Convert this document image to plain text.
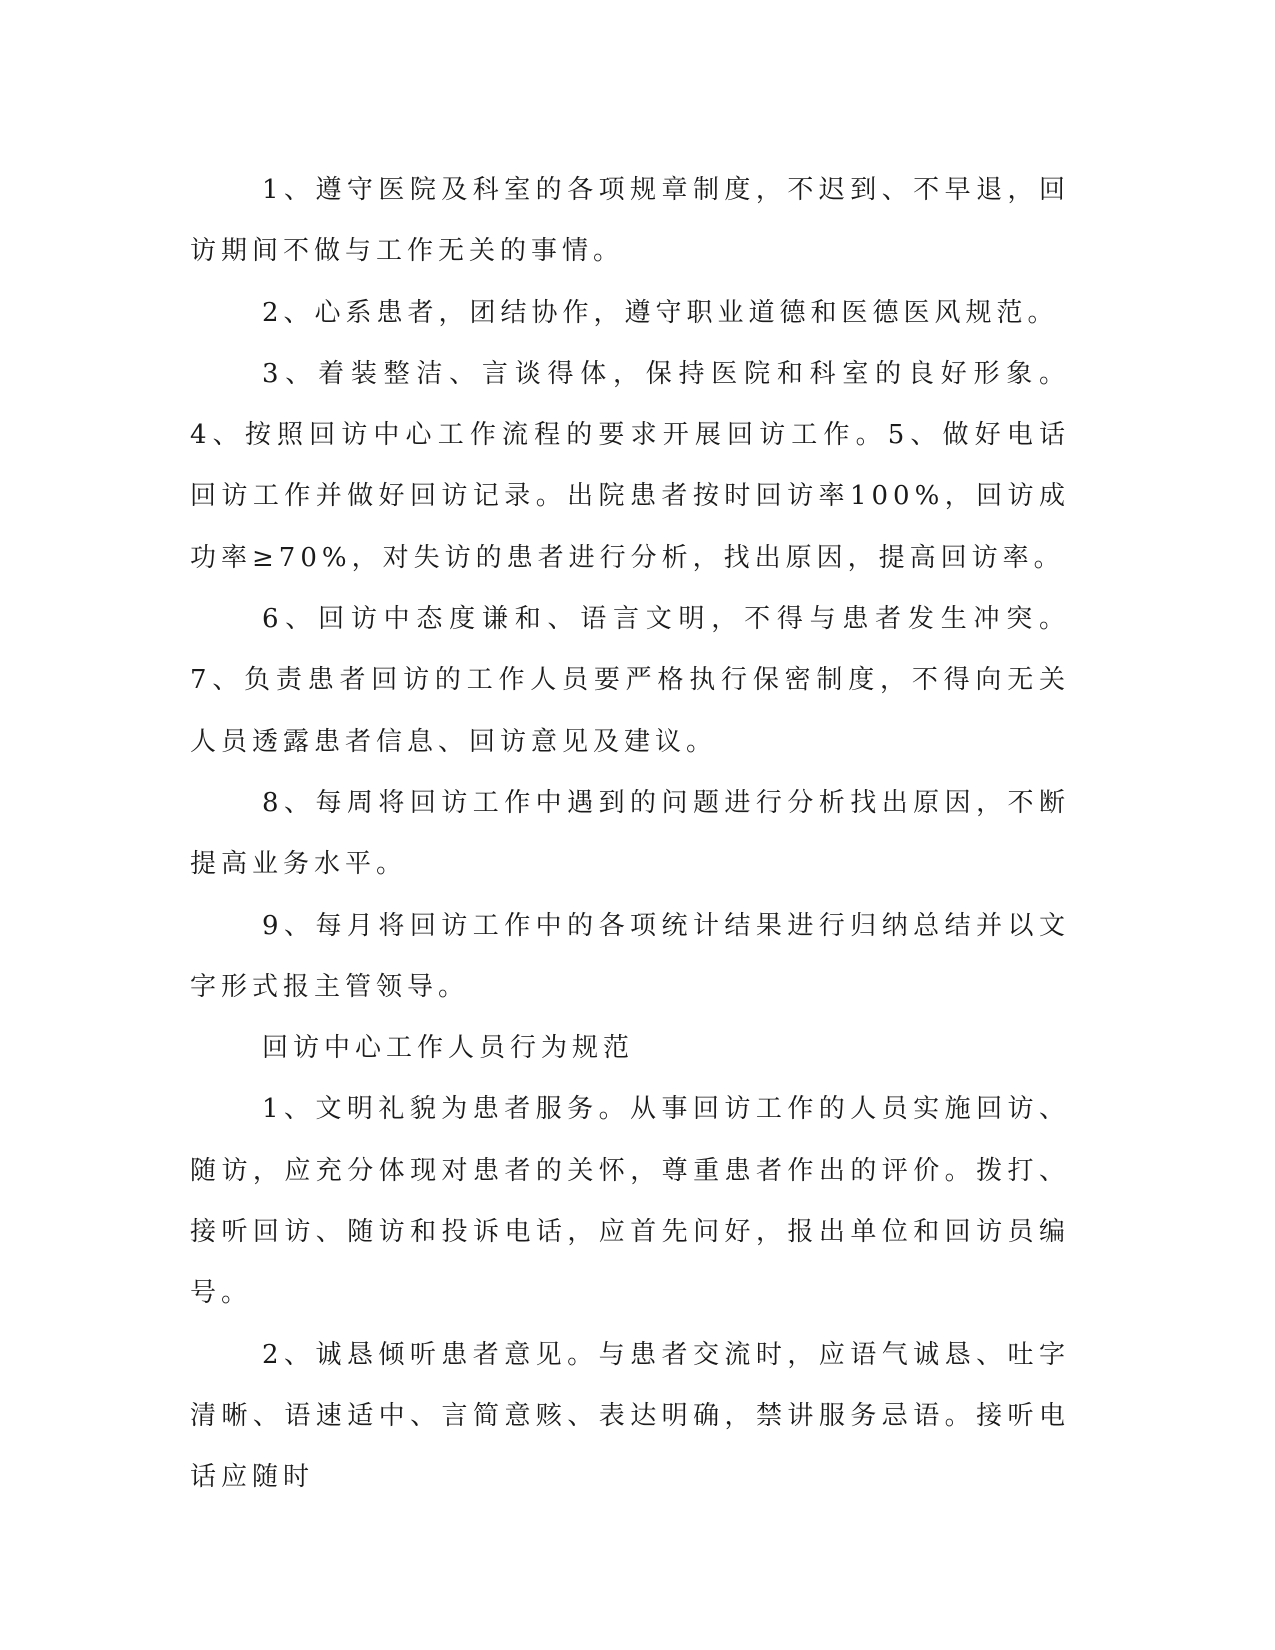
1、遵守医院及科室的各项规章制度，不迟到、不早退，回访期间不做与工作无关的事情。

2、心系患者，团结协作，遵守职业道德和医德医风规范。

3、着装整洁、言谈得体，保持医院和科室的良好形象。4、按照回访中心工作流程的要求开展回访工作。5、做好电话回访工作并做好回访记录。出院患者按时回访率100%，回访成功率≥70%，对失访的患者进行分析，找出原因，提高回访率。

6、回访中态度谦和、语言文明，不得与患者发生冲突。7、负责患者回访的工作人员要严格执行保密制度，不得向无关人员透露患者信息、回访意见及建议。

8、每周将回访工作中遇到的问题进行分析找出原因，不断提高业务水平。

9、每月将回访工作中的各项统计结果进行归纳总结并以文字形式报主管领导。

回访中心工作人员行为规范

1、文明礼貌为患者服务。从事回访工作的人员实施回访、随访，应充分体现对患者的关怀，尊重患者作出的评价。拨打、接听回访、随访和投诉电话，应首先问好，报出单位和回访员编号。

2、诚恳倾听患者意见。与患者交流时，应语气诚恳、吐字清晰、语速适中、言简意赅、表达明确，禁讲服务忌语。接听电话应随时
